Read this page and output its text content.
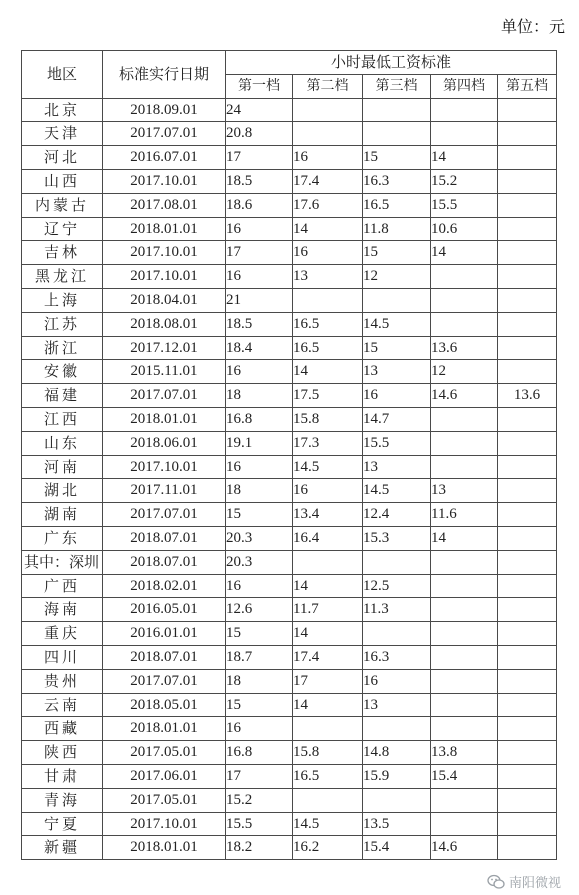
单位：元
地区	标准实行日期	小时最低工资标准				
		第一档	第二档	第三档	第四档	第五档
北京	2018.09.01	24				
天津	2017.07.01	20.8				
河北	2016.07.01	17	16	15	14	
山西	2017.10.01	18.5	17.4	16.3	15.2	
内蒙古	2017.08.01	18.6	17.6	16.5	15.5	
辽宁	2018.01.01	16	14	11.8	10.6	
吉林	2017.10.01	17	16	15	14	
黑龙江	2017.10.01	16	13	12		
上海	2018.04.01	21				
江苏	2018.08.01	18.5	16.5	14.5		
浙江	2017.12.01	18.4	16.5	15	13.6	
安徽	2015.11.01	16	14	13	12	
福建	2017.07.01	18	17.5	16	14.6	13.6
江西	2018.01.01	16.8	15.8	14.7		
山东	2018.06.01	19.1	17.3	15.5		
河南	2017.10.01	16	14.5	13		
湖北	2017.11.01	18	16	14.5	13	
湖南	2017.07.01	15	13.4	12.4	11.6	
广东	2018.07.01	20.3	16.4	15.3	14	
其中：深圳	2018.07.01	20.3				
广西	2018.02.01	16	14	12.5		
海南	2016.05.01	12.6	11.7	11.3		
重庆	2016.01.01	15	14			
四川	2018.07.01	18.7	17.4	16.3		
贵州	2017.07.01	18	17	16		
云南	2018.05.01	15	14	13		
西藏	2018.01.01	16				
陕西	2017.05.01	16.8	15.8	14.8	13.8	
甘肃	2017.06.01	17	16.5	15.9	15.4	
青海	2017.05.01	15.2				
宁夏	2017.10.01	15.5	14.5	13.5		
新疆	2018.01.01	18.2	16.2	15.4	14.6	
南阳微视
